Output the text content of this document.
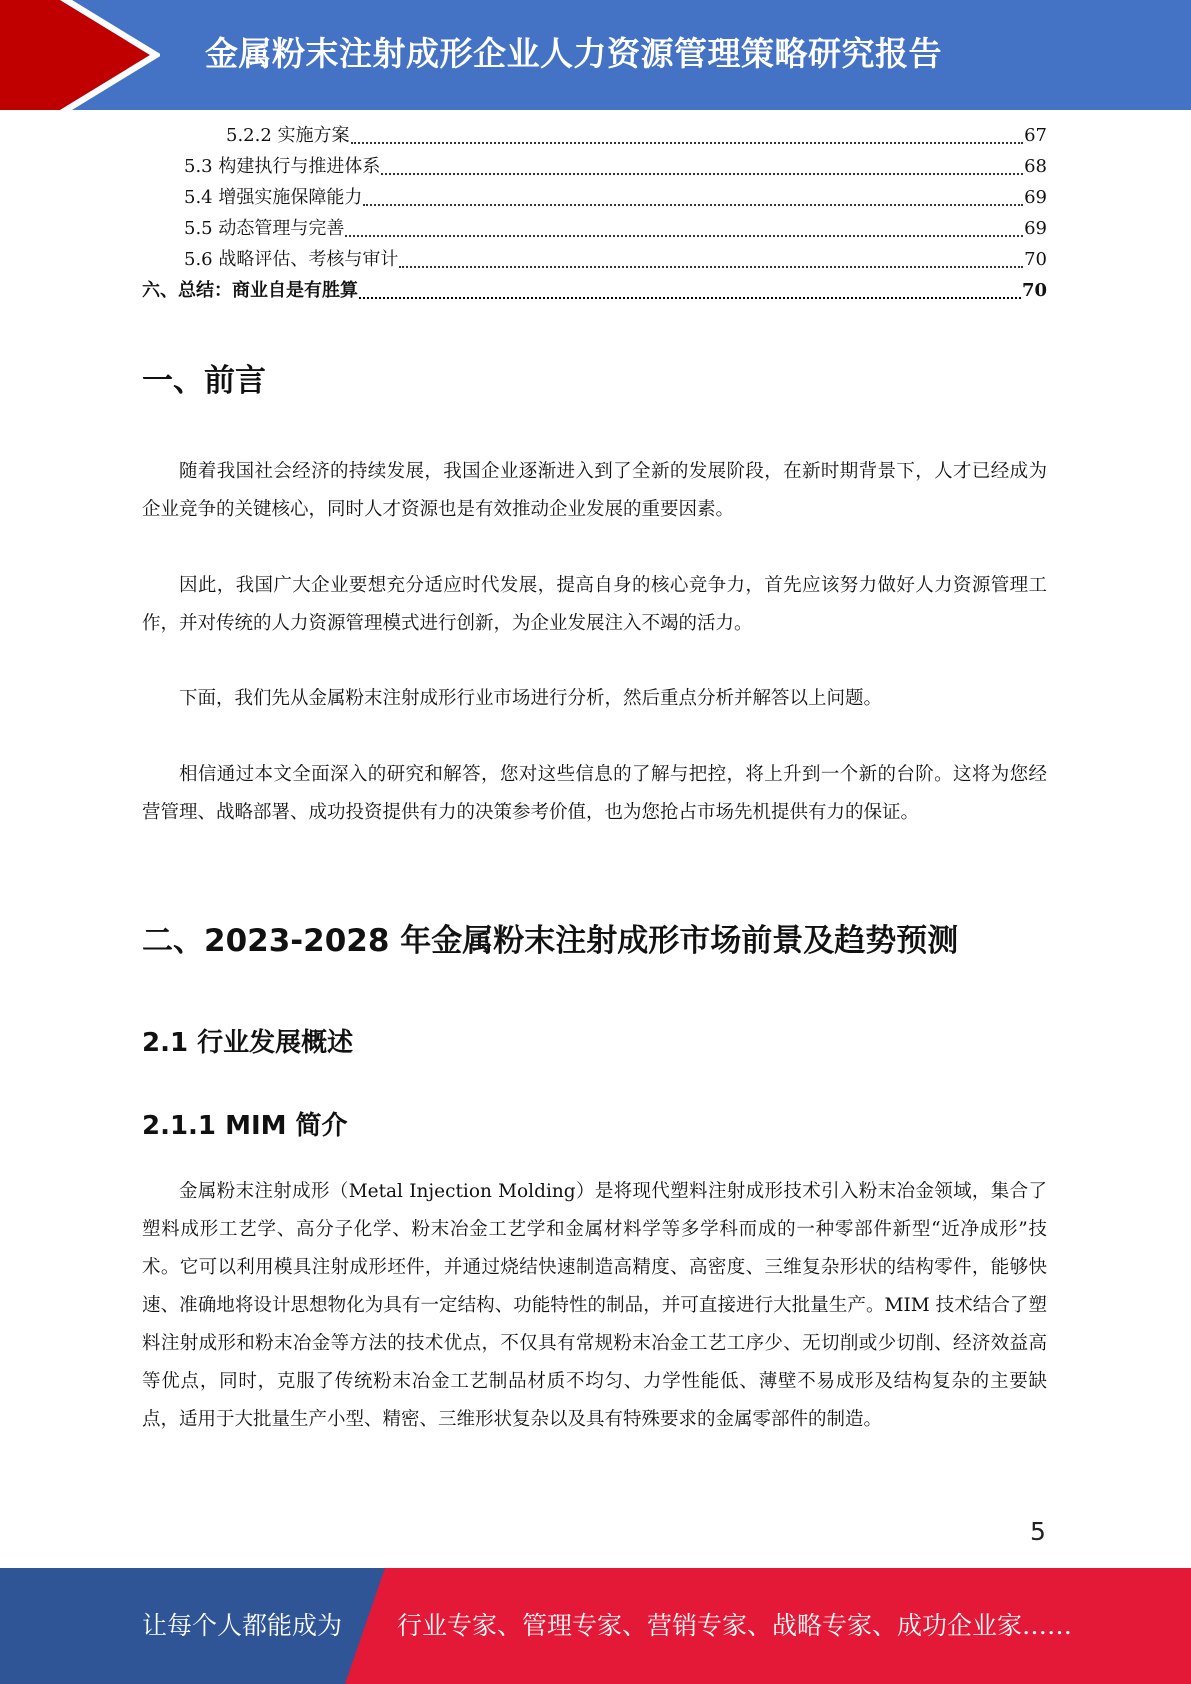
金属粉末注射成形企业人力资源管理策略研究报告
5.2.2 实施方案	67
5.3 构建执行与推进体系	68
5.4 增强实施保障能力	69
5.5 动态管理与完善	69
5.6 战略评估、考核与审计	70
六、总结：商业自是有胜算	70
一、前言

随着我国社会经济的持续发展，我国企业逐渐进入到了全新的发展阶段，在新时期背景下，人才已经成为企业竞争的关键核心，同时人才资源也是有效推动企业发展的重要因素。

因此，我国广大企业要想充分适应时代发展，提高自身的核心竞争力，首先应该努力做好人力资源管理工作，并对传统的人力资源管理模式进行创新，为企业发展注入不竭的活力。

下面，我们先从金属粉末注射成形行业市场进行分析，然后重点分析并解答以上问题。

相信通过本文全面深入的研究和解答，您对这些信息的了解与把控，将上升到一个新的台阶。这将为您经营管理、战略部署、成功投资提供有力的决策参考价值，也为您抢占市场先机提供有力的保证。

二、2023-2028 年金属粉末注射成形市场前景及趋势预测
2.1 行业发展概述
2.1.1 MIM 简介

金属粉末注射成形（Metal Injection Molding）是将现代塑料注射成形技术引入粉末冶金领域，集合了塑料成形工艺学、高分子化学、粉末冶金工艺学和金属材料学等多学科而成的一种零部件新型“近净成形”技术。它可以利用模具注射成形坯件，并通过烧结快速制造高精度、高密度、三维复杂形状的结构零件，能够快速、准确地将设计思想物化为具有一定结构、功能特性的制品，并可直接进行大批量生产。MIM 技术结合了塑料注射成形和粉末冶金等方法的技术优点，不仅具有常规粉末冶金工艺工序少、无切削或少切削、经济效益高等优点，同时，克服了传统粉末冶金工艺制品材质不均匀、力学性能低、薄壁不易成形及结构复杂的主要缺点，适用于大批量生产小型、精密、三维形状复杂以及具有特殊要求的金属零部件的制造。

5
让每个人都能成为 行业专家、管理专家、营销专家、战略专家、成功企业家……
